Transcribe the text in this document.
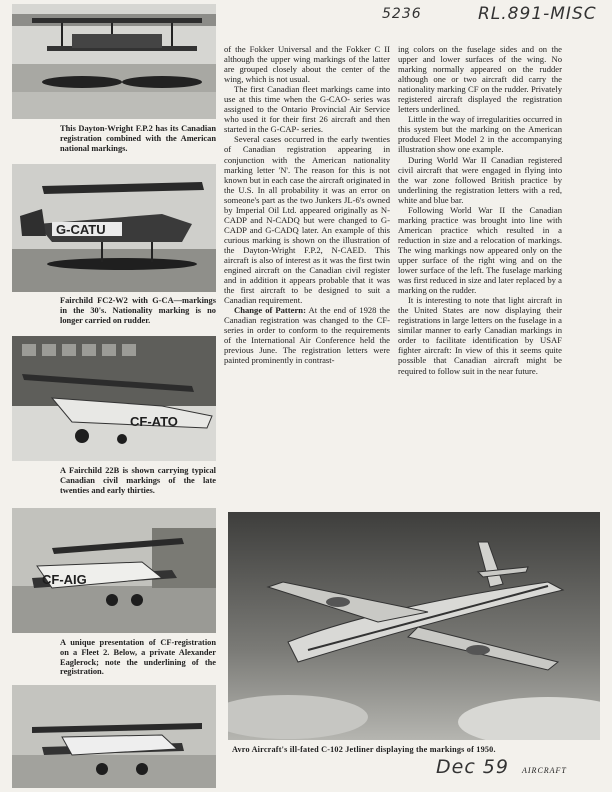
5236	RL.891-MISC
This Dayton-Wright F.P.2 has its Canadian registration combined with the American national markings.
G-CATU
Fairchild FC2-W2 with G-CA—markings in the 30's. Nationality marking is no longer carried on rudder.
CF-ATO
A Fairchild 22B is shown carrying typical Canadian civil markings of the late twenties and early thirties.
CF-AIG
A unique presentation of CF-registration on a Fleet 2. Below, a private Alexander Eaglerock; note the underlining of the registration.

of the Fokker Universal and the Fokker C II although the upper wing markings of the latter are grouped closely about the center of the wing, which is not usual.

The first Canadian fleet markings came into use at this time when the G-CAO- series was assigned to the Ontario Provincial Air Service who used it for their first 26 aircraft and then started in the G-CAP- series.

Several cases occurred in the early twenties of Canadian registration appearing in conjunction with the American nationality marking letter 'N'. The reason for this is not known but in each case the aircraft originated in the U.S. In all probability it was an error on someone's part as the two Junkers JL-6's owned by Imperial Oil Ltd. appeared originally as N-CADP and N-CADQ but were changed to G-CADP and G-CADQ later. An example of this curious marking is shown on the illustration of the Dayton-Wright F.P.2, N-CAED. This aircraft is also of interest as it was the first twin engined aircraft on the Canadian civil register and in addition it appears probable that it was the first aircraft to be designed to suit a Canadian requirement.

Change of Pattern: At the end of 1928 the Canadian registration was changed to the CF- series in order to conform to the requirements of the International Air Conference held the previous June. The registration letters were painted prominently in contrast-

ing colors on the fuselage sides and on the upper and lower surfaces of the wing. No marking normally appeared on the rudder although one or two aircraft did carry the nationality marking CF on the rudder. Privately registered aircraft displayed the registration letters underlined.

Little in the way of irregularities occurred in this system but the marking on the American produced Fleet Model 2 in the accompanying illustration show one example.

During World War II Canadian registered civil aircraft that were engaged in flying into the war zone followed British practice by underlining the registration letters with a red, white and blue bar.

Following World War II the Canadian marking practice was brought into line with American practice which resulted in a reduction in size and a relocation of markings. The wing markings now appeared only on the upper surface of the right wing and on the lower surface of the left. The fuselage marking was first reduced in size and later replaced by a marking on the rudder.

It is interesting to note that light aircraft in the United States are now displaying their registrations in large letters on the fuselage in a similar manner to early Canadian markings in order to facilitate identification by USAF fighter aircraft: In view of this it seems quite possible that Canadian aircraft might be required to follow suit in the near future.

Avro Aircraft's ill-fated C-102 Jetliner displaying the markings of 1950.
Dec 59 AIRCRAFT
